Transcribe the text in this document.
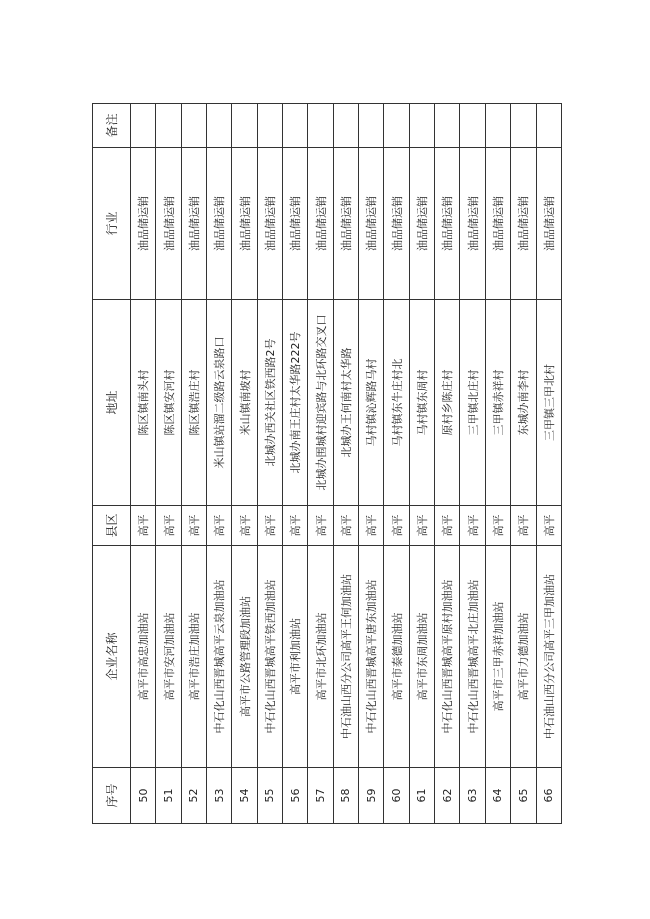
序号	企业名称	县区	地址	行业	备注
50	高平市高忠加油站	高平	陈区镇南头村	油品储运销	
51	高平市安河加油站	高平	陈区镇安河村	油品储运销	
52	高平市浩庄加油站	高平	陈区镇浩庄村	油品储运销	
53	中石化山西晋城高平云泉加油站	高平	米山镇站溜二级路云泉路口	油品储运销	
54	高平市公路管理段加油站	高平	米山镇南坡村	油品储运销	
55	中石化山西晋城高平铁西加油站	高平	北城办西关社区铁西路2号	油品储运销	
56	高平市利加油站	高平	北城办南王庄村太华路222号	油品储运销	
57	高平市北环加油站	高平	北城办围城村迎宾路与北环路交叉口	油品储运销	
58	中石油山西分公司高平王何加油站	高平	北城办王何南村太华路	油品储运销	
59	中石化山西晋城高平唐东加油站	高平	马村镇沁辉路马村	油品储运销	
60	高平市泰德加油站	高平	马村镇东牛庄村北	油品储运销	
61	高平市东周加油站	高平	马村镇东周村	油品储运销	
62	中石化山西晋城高平原村加油站	高平	原村乡陈庄村	油品储运销	
63	中石化山西晋城高平北庄加油站	高平	三甲镇北庄村	油品储运销	
64	高平市三甲赤祥加油站	高平	三甲镇赤祥村	油品储运销	
65	高平市力德加油站	高平	东城办南李村	油品储运销	
66	中石油山西分公司高平三甲加油站	高平	三甲镇三甲北村	油品储运销	
